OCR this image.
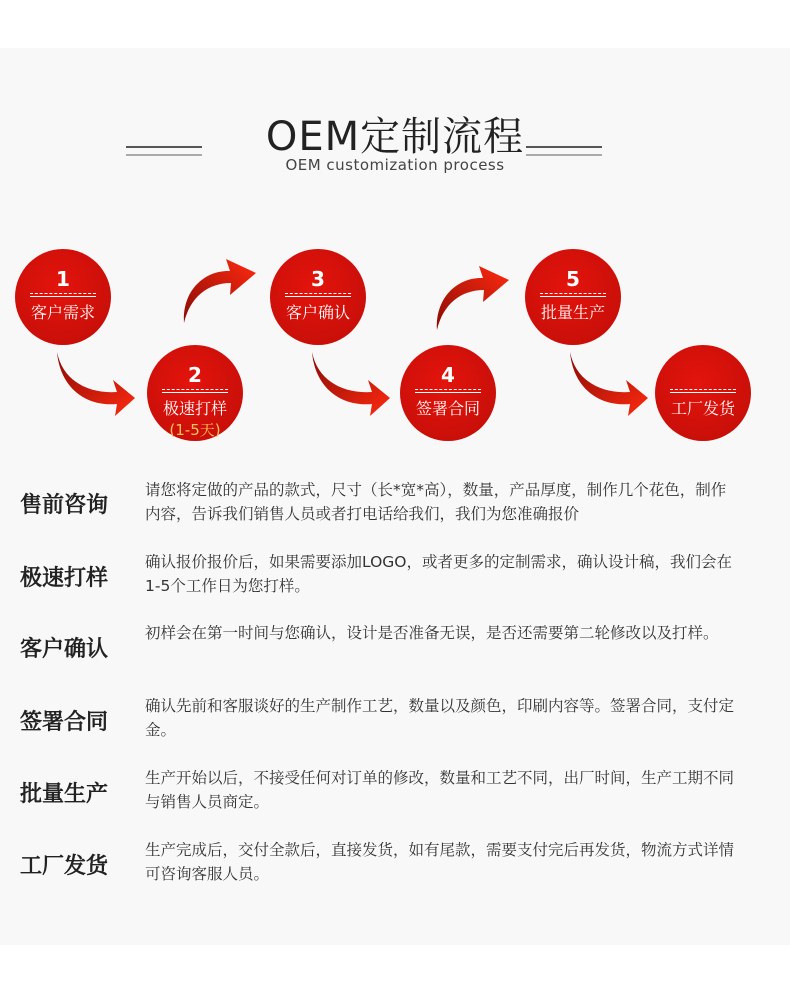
OEM定制流程
OEM customization process
1
客户需求
2
极速打样
(1-5天)
3
客户确认
4
签署合同
5
批量生产
工厂发货
售前咨询

请您将定做的产品的款式，尺寸（长*宽*高），数量，产品厚度，制作几个花色，制作内容，告诉我们销售人员或者打电话给我们，我们为您准确报价

极速打样

确认报价报价后，如果需要添加LOGO，或者更多的定制需求，确认设计稿，我们会在1-5个工作日为您打样。

客户确认

初样会在第一时间与您确认，设计是否准备无误，是否还需要第二轮修改以及打样。

签署合同

确认先前和客服谈好的生产制作工艺，数量以及颜色，印刷内容等。签署合同，支付定金。

批量生产

生产开始以后，不接受任何对订单的修改，数量和工艺不同，出厂时间，生产工期不同与销售人员商定。

工厂发货

生产完成后，交付全款后，直接发货，如有尾款，需要支付完后再发货，物流方式详情可咨询客服人员。
